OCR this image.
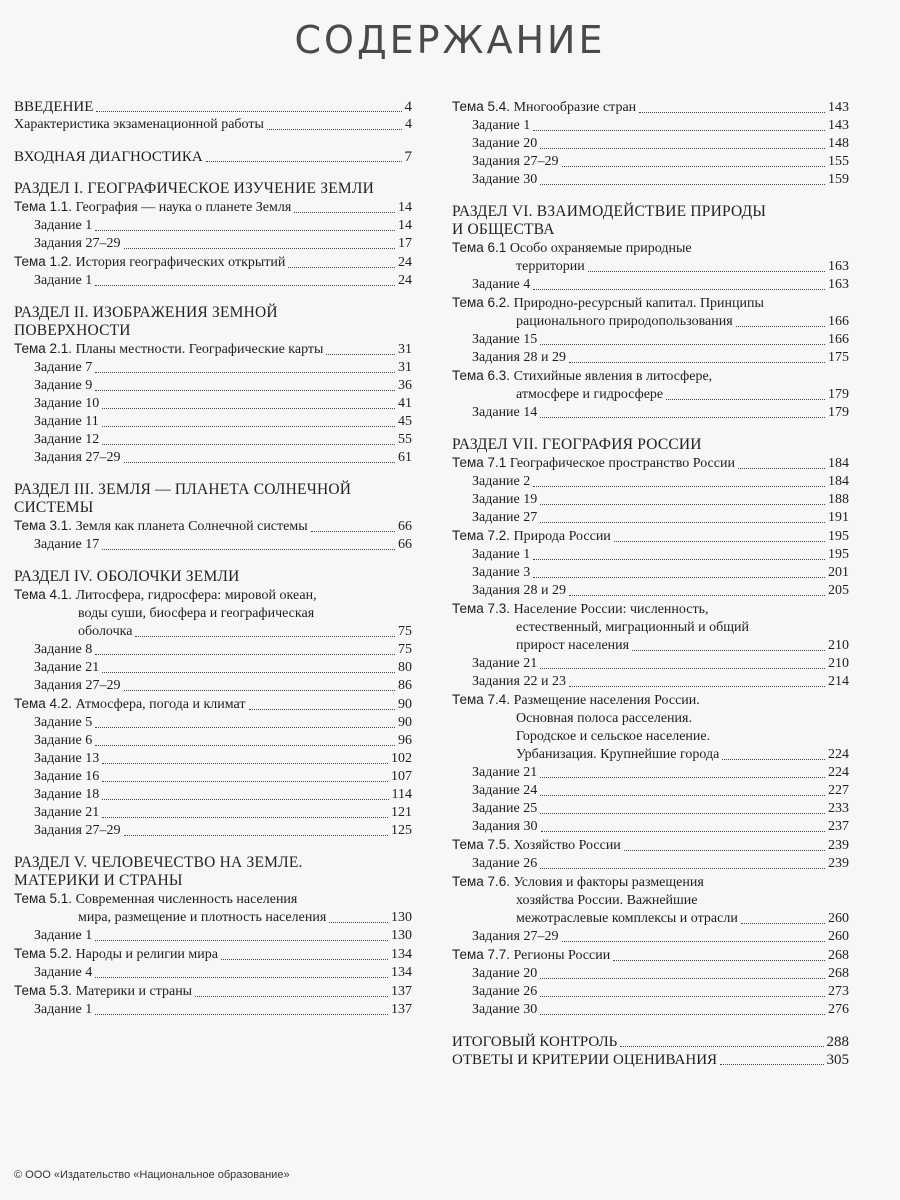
СОДЕРЖАНИЕ
ВВЕДЕНИЕ	4
Характеристика экзаменационной работы	4
ВХОДНАЯ ДИАГНОСТИКА	7
РАЗДЕЛ I. ГЕОГРАФИЧЕСКОЕ ИЗУЧЕНИЕ ЗЕМЛИ
Тема 1.1. География — наука о планете Земля	14
Задание 1	14
Задания 27–29	17
Тема 1.2. История географических открытий	24
Задание 1	24
РАЗДЕЛ II. ИЗОБРАЖЕНИЯ ЗЕМНОЙ
ПОВЕРХНОСТИ
Тема 2.1. Планы местности. Географические карты	31
Задание 7	31
Задание 9	36
Задание 10	41
Задание 11	45
Задание 12	55
Задания 27–29	61
РАЗДЕЛ III. ЗЕМЛЯ — ПЛАНЕТА СОЛНЕЧНОЙ
СИСТЕМЫ
Тема 3.1. Земля как планета Солнечной системы	66
Задание 17	66
РАЗДЕЛ IV. ОБОЛОЧКИ ЗЕМЛИ
Тема 4.1. Литосфера, гидросфера: мировой океан,
воды суши, биосфера и географическая
оболочка	75
Задание 8	75
Задание 21	80
Задания 27–29	86
Тема 4.2. Атмосфера, погода и климат	90
Задание 5	90
Задание 6	96
Задание 13	102
Задание 16	107
Задание 18	114
Задание 21	121
Задания 27–29	125
РАЗДЕЛ V. ЧЕЛОВЕЧЕСТВО НА ЗЕМЛЕ.
МАТЕРИКИ И СТРАНЫ
Тема 5.1. Современная численность населения
мира, размещение и плотность населения	130
Задание 1	130
Тема 5.2. Народы и религии мира	134
Задание 4	134
Тема 5.3. Материки и страны	137
Задание 1	137
Тема 5.4. Многообразие стран	143
Задание 1	143
Задание 20	148
Задания 27–29	155
Задание 30	159
РАЗДЕЛ VI. ВЗАИМОДЕЙСТВИЕ ПРИРОДЫ
И ОБЩЕСТВА
Тема 6.1 Особо охраняемые природные
территории	163
Задание 4	163
Тема 6.2. Природно-ресурсный капитал. Принципы
рационального природопользования	166
Задание 15	166
Задания 28 и 29	175
Тема 6.3. Стихийные явления в литосфере,
атмосфере и гидросфере	179
Задание 14	179
РАЗДЕЛ VII. ГЕОГРАФИЯ РОССИИ
Тема 7.1 Географическое пространство России	184
Задание 2	184
Задание 19	188
Задание 27	191
Тема 7.2. Природа России	195
Задание 1	195
Задание 3	201
Задания 28 и 29	205
Тема 7.3. Население России: численность,
естественный, миграционный и общий
прирост населения	210
Задание 21	210
Задания 22 и 23	214
Тема 7.4. Размещение населения России.
Основная полоса расселения.
Городское и сельское население.
Урбанизация. Крупнейшие города	224
Задание 21	224
Задание 24	227
Задание 25	233
Задания 30	237
Тема 7.5. Хозяйство России	239
Задание 26	239
Тема 7.6. Условия и факторы размещения
хозяйства России. Важнейшие
межотраслевые комплексы и отрасли	260
Задания 27–29	260
Тема 7.7. Регионы России	268
Задание 20	268
Задание 26	273
Задание 30	276
ИТОГОВЫЙ КОНТРОЛЬ	288
ОТВЕТЫ И КРИТЕРИИ ОЦЕНИВАНИЯ	305
© ООО «Издательство «Национальное образование»
